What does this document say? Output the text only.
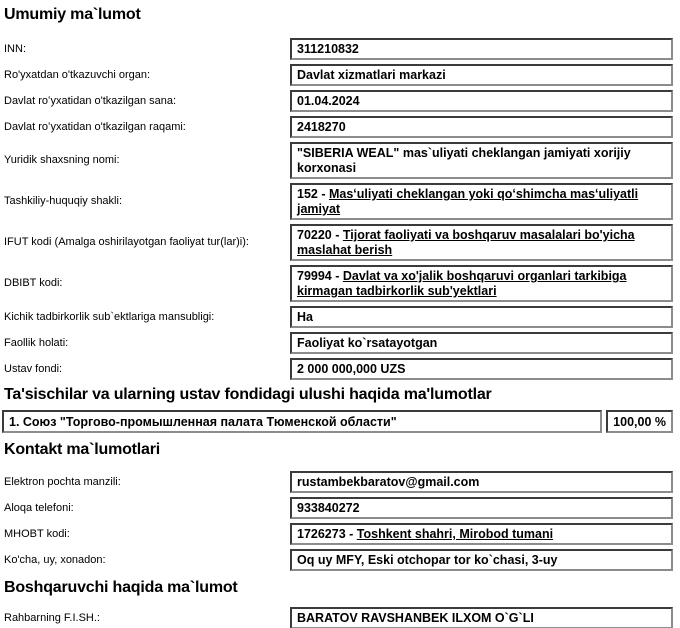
Umumiy ma`lumot
INN:	311210832
Ro'yxatdan o'tkazuvchi organ:	Davlat xizmatlari markazi
Davlat roʻyxatidan o'tkazilgan sana:	01.04.2024
Davlat roʻyxatidan o'tkazilgan raqami:	2418270
Yuridik shaxsning nomi:	"SIBERIA WEAL" mas`uliyati cheklangan jamiyati xorijiy korxonasi
Tashkiliy-huquqiy shakli:	152 - Masʻuliyati cheklangan yoki qoʻshimcha masʻuliyatli jamiyat
IFUT kodi (Amalga oshirilayotgan faoliyat tur(lar)i):	70220 - Tijorat faoliyati va boshqaruv masalalari bo'yicha maslahat berish
DBIBT kodi:	79994 - Davlat va xo'jalik boshqaruvi organlari tarkibiga kirmagan tadbirkorlik sub'yektlari
Kichik tadbirkorlik sub`ektlariga mansubligi:	Ha
Faollik holati:	Faoliyat ko`rsatayotgan
Ustav fondi:	2 000 000,000 UZS
Ta'sischilar va ularning ustav fondidagi ulushi haqida ma'lumotlar
1. Союз "Торгово-промышленная палата Тюменской области"	100,00 %
Kontakt ma`lumotlari
Elektron pochta manzili:	rustambekbaratov@gmail.com
Aloqa telefoni:	933840272
MHOBT kodi:	1726273 - Toshkent shahri, Mirobod tumani
Ko'cha, uy, xonadon:	Oq uy MFY, Eski otchopar tor ko`chasi, 3-uy
Boshqaruvchi haqida ma`lumot
Rahbarning F.I.SH.:	BARATOV RAVSHANBEK ILXOM O`G`LI
